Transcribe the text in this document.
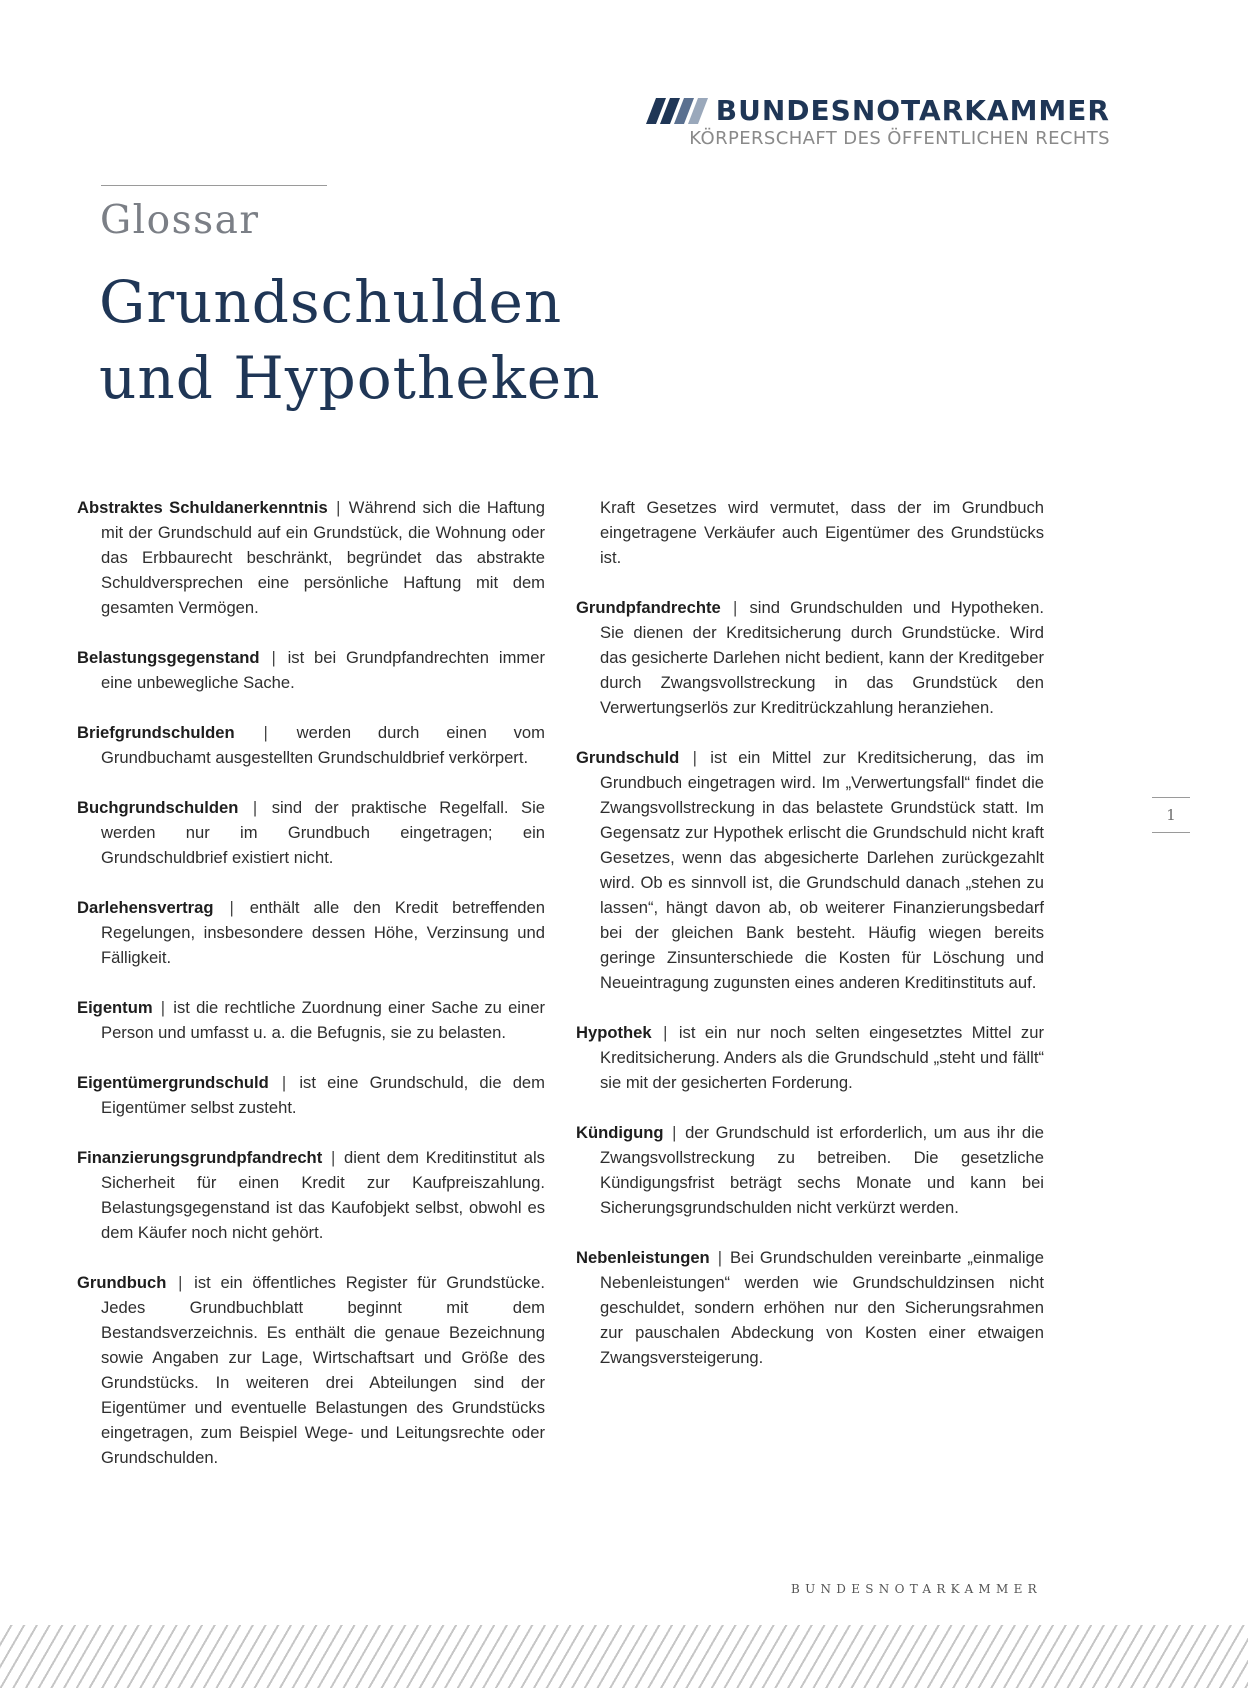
BUNDESNOTARKAMMER
KÖRPERSCHAFT DES ÖFFENTLICHEN RECHTS
Glossar
Grundschulden
und Hypotheken

Abstraktes Schuldanerkenntnis | Während sich die Haftung mit der Grundschuld auf ein Grundstück, die Wohnung oder das Erbbaurecht beschränkt, begründet das abstrakte Schuldversprechen eine persönliche Haftung mit dem gesamten Vermögen.

Belastungsgegenstand | ist bei Grundpfandrechten immer eine unbewegliche Sache.

Briefgrundschulden | werden durch einen vom Grundbuchamt ausgestellten Grundschuldbrief verkörpert.

Buchgrundschulden | sind der praktische Regelfall. Sie werden nur im Grundbuch eingetragen; ein Grundschuldbrief existiert nicht.

Darlehensvertrag | enthält alle den Kredit betreffenden Regelungen, insbesondere dessen Höhe, Verzinsung und Fälligkeit.

Eigentum | ist die rechtliche Zuordnung einer Sache zu einer Person und umfasst u. a. die Befugnis, sie zu belasten.

Eigentümergrundschuld | ist eine Grundschuld, die dem Eigentümer selbst zusteht.

Finanzierungsgrundpfandrecht | dient dem Kreditinstitut als Sicherheit für einen Kredit zur Kaufpreiszahlung. Belastungsgegenstand ist das Kaufobjekt selbst, obwohl es dem Käufer noch nicht gehört.

Grundbuch | ist ein öffentliches Register für Grundstücke. Jedes Grundbuchblatt beginnt mit dem Bestandsverzeichnis. Es enthält die genaue Bezeichnung sowie Angaben zur Lage, Wirtschaftsart und Größe des Grundstücks. In weiteren drei Abteilungen sind der Eigentümer und eventuelle Belastungen des Grundstücks eingetragen, zum Beispiel Wege- und Leitungsrechte oder Grundschulden.

Kraft Gesetzes wird vermutet, dass der im Grundbuch eingetragene Verkäufer auch Eigentümer des Grundstücks ist.

Grundpfandrechte | sind Grundschulden und Hypotheken. Sie dienen der Kreditsicherung durch Grundstücke. Wird das gesicherte Darlehen nicht bedient, kann der Kreditgeber durch Zwangsvollstreckung in das Grundstück den Verwertungserlös zur Kreditrückzahlung heranziehen.

Grundschuld | ist ein Mittel zur Kreditsicherung, das im Grundbuch eingetragen wird. Im „Verwertungsfall“ findet die Zwangsvollstreckung in das belastete Grundstück statt. Im Gegensatz zur Hypothek erlischt die Grundschuld nicht kraft Gesetzes, wenn das abgesicherte Darlehen zurückgezahlt wird. Ob es sinnvoll ist, die Grundschuld danach „stehen zu lassen“, hängt davon ab, ob weiterer Finanzierungsbedarf bei der gleichen Bank besteht. Häufig wiegen bereits geringe Zinsunterschiede die Kosten für Löschung und Neueintragung zugunsten eines anderen Kreditinstituts auf.

Hypothek | ist ein nur noch selten eingesetztes Mittel zur Kreditsicherung. Anders als die Grundschuld „steht und fällt“ sie mit der gesicherten Forderung.

Kündigung | der Grundschuld ist erforderlich, um aus ihr die Zwangsvollstreckung zu betreiben. Die gesetzliche Kündigungsfrist beträgt sechs Monate und kann bei Sicherungsgrundschulden nicht verkürzt werden.

Nebenleistungen | Bei Grundschulden vereinbarte „einmalige Nebenleistungen“ werden wie Grundschuldzinsen nicht geschuldet, sondern erhöhen nur den Sicherungsrahmen zur pauschalen Abdeckung von Kosten einer etwaigen Zwangsversteigerung.

1
BUNDESNOTARKAMMER
